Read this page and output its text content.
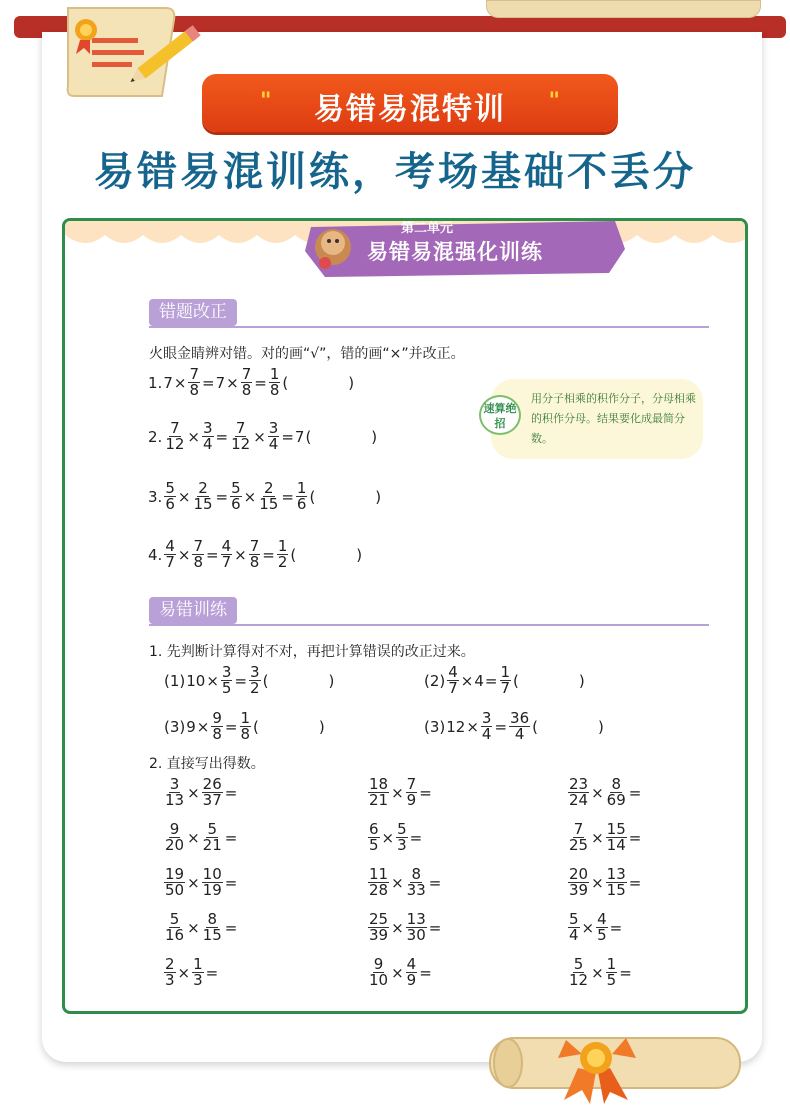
"	易错易混特训	"
易错易混训练，考场基础不丢分
第二单元
易错易混强化训练
错题改正
火眼金睛辨对错。对的画“√”，错的画“×”并改正。
1. $7 \times \frac{7}{8} = 7 \times \frac{7}{8} = \frac{1}{8}$ (　　　　)
2. $\frac{7}{12} \times \frac{3}{4} = \frac{7}{12} \times \frac{3}{4} = 7$ (　　　　)
3. $\frac{5}{6} \times \frac{2}{15} = \frac{5}{6} \times \frac{2}{15} = \frac{1}{6}$ (　　　　)
4. $\frac{4}{7} \times \frac{7}{8} = \frac{4}{7} \times \frac{7}{8} = \frac{1}{2}$ (　　　　)
速算绝招
用分子相乘的积作分子，分母相乘的积作分母。结果要化成最简分数。
易错训练
1. 先判断计算得对不对，再把计算错误的改正过来。
(1) $10 \times \frac{3}{5} = \frac{3}{2}$ (　　　　)	$(2) \frac{4}{7} \times 4 = \frac{1}{7}$ (　　　　)
(3) $9 \times \frac{9}{8} = \frac{1}{8}$ (　　　　)	(3) $12 \times \frac{3}{4} = \frac{36}{4}$ (　　　　)
2. 直接写出得数。
$\frac{3}{13} \times \frac{26}{37}$ =	$\frac{18}{21} \times \frac{7}{9}$ =	$\frac{23}{24} \times \frac{8}{69}$ =
$\frac{9}{20} \times \frac{5}{21}$ =	$\frac{6}{5} \times \frac{5}{3}$ =	$\frac{7}{25} \times \frac{15}{14}$ =
$\frac{19}{50} \times \frac{10}{19}$ =	$\frac{11}{28} \times \frac{8}{33}$ =	$\frac{20}{39} \times \frac{13}{15}$ =
$\frac{5}{16} \times \frac{8}{15}$ =	$\frac{25}{39} \times \frac{13}{30}$ =	$\frac{5}{4} \times \frac{4}{5}$ =
$\frac{2}{3} \times \frac{1}{3}$ =	$\frac{9}{10} \times \frac{4}{9}$ =	$\frac{5}{12} \times \frac{1}{5}$ =
